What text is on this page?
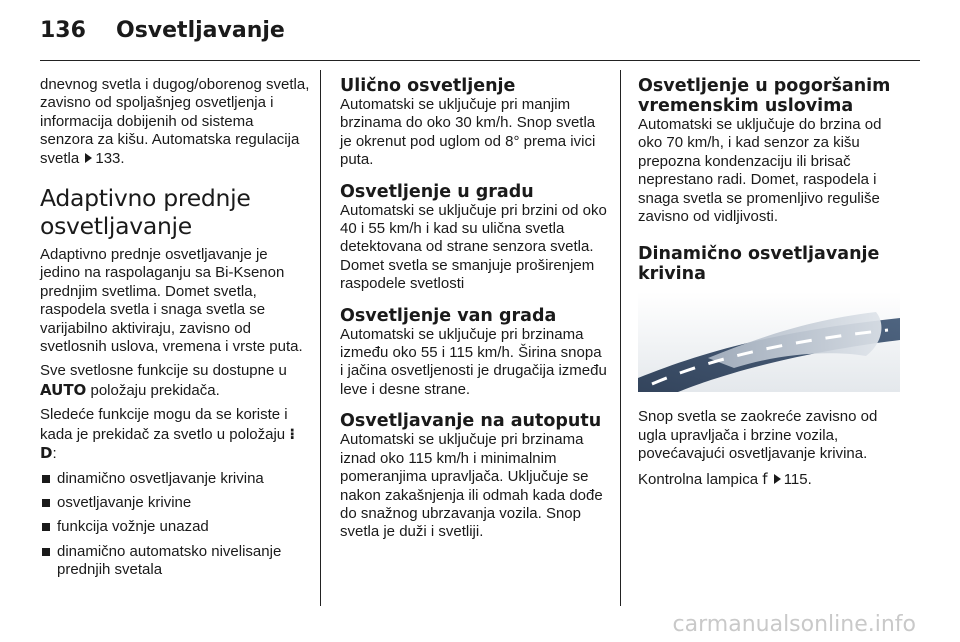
136 Osvetljavanje

dnevnog svetla i dugog/oborenog svetla, zavisno od spoljašnjeg osvetljenja i informacija dobijenih od sistema senzora za kišu. Automatska regulacija svetla 133.

Adaptivno prednje osvetljavanje

Adaptivno prednje osvetljavanje je jedino na raspolaganju sa Bi-Ksenon prednjim svetlima. Domet svetla, raspodela svetla i snaga svetla se varijabilno aktiviraju, zavisno od svetlosnih uslova, vremena i vrste puta.

Sve svetlosne funkcije su dostupne u AUTO položaju prekidača.

Sledeće funkcije mogu da se koriste i kada je prekidač za svetlo u položaju ⁝D:

dinamično osvetljavanje krivina
osvetljavanje krivine
funkcija vožnje unazad
dinamično automatsko nivelisanje prednjih svetala
Ulično osvetljenje

Automatski se uključuje pri manjim brzinama do oko 30 km/h. Snop svetla je okrenut pod uglom od 8° prema ivici puta.

Osvetljenje u gradu

Automatski se uključuje pri brzini od oko 40 i 55 km/h i kad su ulična svetla detektovana od strane senzora svetla. Domet svetla se smanjuje proširenjem raspodele svetlosti

Osvetljenje van grada

Automatski se uključuje pri brzinama između oko 55 i 115 km/h. Širina snopa i jačina osvetljenosti je drugačija između leve i desne strane.

Osvetljavanje na autoputu

Automatski se uključuje pri brzinama iznad oko 115 km/h i minimalnim pomeranjima upravljača. Uključuje se nakon zakašnjenja ili odmah kada dođe do snažnog ubrzavanja vozila. Snop svetla je duži i svetliji.

Osvetljenje u pogoršanim vremenskim uslovima

Automatski se uključuje do brzina od oko 70 km/h, i kad senzor za kišu prepozna kondenzaciju ili brisač neprestano radi. Domet, raspodela i snaga svetla se promenljivo reguliše zavisno od vidljivosti.

Dinamično osvetljavanje krivina

Snop svetla se zaokreće zavisno od ugla upravljača i brzine vozila, povećavajući osvetljavanje krivina.

Kontrolna lampica f 115.

carmanualsonline.info
